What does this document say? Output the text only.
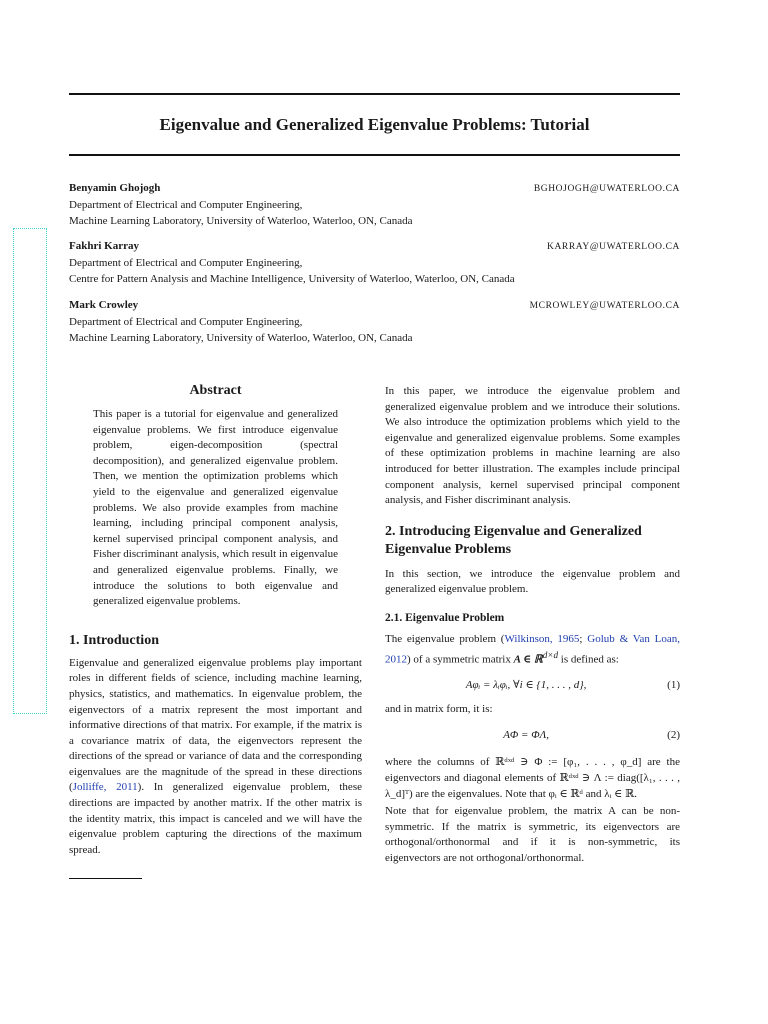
Eigenvalue and Generalized Eigenvalue Problems: Tutorial
Benyamin Ghojogh	BGHOJOGH@UWATERLOO.CA
Department of Electrical and Computer Engineering,
Machine Learning Laboratory, University of Waterloo, Waterloo, ON, Canada
Fakhri Karray	KARRAY@UWATERLOO.CA
Department of Electrical and Computer Engineering,
Centre for Pattern Analysis and Machine Intelligence, University of Waterloo, Waterloo, ON, Canada
Mark Crowley	MCROWLEY@UWATERLOO.CA
Department of Electrical and Computer Engineering,
Machine Learning Laboratory, University of Waterloo, Waterloo, ON, Canada
Abstract

This paper is a tutorial for eigenvalue and generalized eigenvalue problems. We first introduce eigenvalue problem, eigen-decomposition (spectral decomposition), and generalized eigenvalue problem. Then, we mention the optimization problems which yield to the eigenvalue and generalized eigenvalue problems. We also provide examples from machine learning, including principal component analysis, kernel supervised principal component analysis, and Fisher discriminant analysis, which result in eigenvalue and generalized eigenvalue problems. Finally, we introduce the solutions to both eigenvalue and generalized eigenvalue problems.

1. Introduction

Eigenvalue and generalized eigenvalue problems play important roles in different fields of science, including machine learning, physics, statistics, and mathematics. In eigenvalue problem, the eigenvectors of a matrix represent the most important and informative directions of that matrix. For example, if the matrix is a covariance matrix of data, the eigenvectors represent the directions of the spread or variance of data and the corresponding eigenvalues are the magnitude of the spread in these directions (Jolliffe, 2011). In generalized eigenvalue problem, these directions are impacted by another matrix. If the other matrix is the identity matrix, this impact is canceled and we will have the eigenvalue problem capturing the directions of the maximum spread.

In this paper, we introduce the eigenvalue problem and generalized eigenvalue problem and we introduce their solutions. We also introduce the optimization problems which yield to the eigenvalue and generalized eigenvalue problems. Some examples of these optimization problems in machine learning are also introduced for better illustration. The examples include principal component analysis, kernel supervised principal component analysis, and Fisher discriminant analysis.

2. Introducing Eigenvalue and Generalized Eigenvalue Problems

In this section, we introduce the eigenvalue problem and generalized eigenvalue problem.

2.1. Eigenvalue Problem

The eigenvalue problem (Wilkinson, 1965; Golub & Van Loan, 2012) of a symmetric matrix A ∈ ℝ$^{d\times d}$ is defined as:

Aφᵢ = λᵢφᵢ, ∀i ∈ {1, . . . , d},	(1)

and in matrix form, it is:

AΦ = ΦΛ,	(2)

where the columns of ℝᵈˣᵈ ∋ Φ := [φ₁, . . . , φ_d] are the eigenvectors and diagonal elements of ℝᵈˣᵈ ∋ Λ := diag([λ₁, . . . , λ_d]ᵀ) are the eigenvalues. Note that φᵢ ∈ ℝᵈ and λᵢ ∈ ℝ.

Note that for eigenvalue problem, the matrix A can be non-symmetric. If the matrix is symmetric, its eigenvectors are orthogonal/orthonormal and if it is non-symmetric, its eigenvectors are not orthogonal/orthonormal.
